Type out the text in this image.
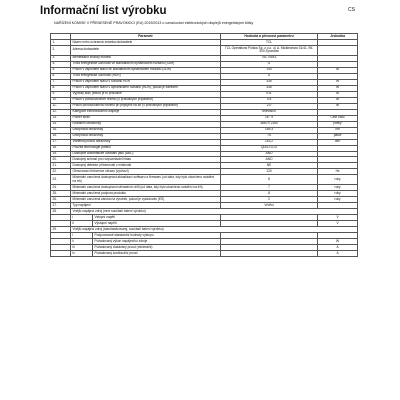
Informační list výrobku	CS
NAŘÍZENÍ KOMISE V PŘENESENÉ PRAVOMOCI (EU) 2019/2013 o označování elektronických displejů energetickými štítky
	Parametr		Hodnota a přesnost parametru	Jednotka
1.	Název nebo ochranná známka dodavatele		TCL	
2.	Adresa dodavatele		TCL Operations Polska Sp. z o.o. ul. A. Mickiewicza 31/41, 96-300 Żyrardów	
3.	Identifikátor značky modelu		75C745X1	
4.	Třída energetické účinnosti ve standardním dynamickém rozsahu (SDR)		G	
5.	Příkon v zapnutém stavu ve standardním dynamickém rozsahu (SDR)		140	W
6.	Třída energetické účinnosti (HDR)		G	
7.	Příkon v zapnutém stavu v rozsahu HDR		335	W
8.	Příkon v zapnutém stavu v dynamickém rozsahu (HDR), pokud je zaveden		335	W
9.	Vypnutý stav, jelikož je to příslušné		n.a.	W
10.	Příkon v pohotovostním režimu (v příslušných případech)		0.5	W
11.	Příkon pohotovostního režimu při připojení na síť (v příslušných případech)		2.0	W
12.	Kategorie elektronického displeje		television	
13.	Poměr stran		16 : 9	Celé číslo
14.	Rozlišení obrazovky		3840 x 2160	pixely
15.	Úhlopříčka obrazovky		189,3	cm
16.	Úhlopříčka obrazovky		75	palce
17.	Viditelná plocha obrazovky		153,2	dm²
18.	Použitá technologie panelů		QLED LCD	
19.	Dostupné automatické ovládání jasu (ABC)		ANO	
20.	Dostupný snímač pro rozpoznávání hlasu		ANO	
21.	Dostupný detektor přítomnosti v místnosti		NE	
22.	Obnovovací frekvence obrazu (výchozí)		120	Hz
23.	Minimální zaručená dostupnost aktualizací softwaru a firmwaru (od data, kdy bylo ukončeno uvádění na trh)		8	roky
24.	Minimální zaručená dostupnost náhradních dílů (od data, kdy bylo ukončeno uvádění na trh)		7	roky
25.	Minimální zaručená podpora produktu		8	roky
26.	Minimální zaručená záruka na výrobek, pokud je vyžadován (ES)		2	roky
27.	Typ napájení		Vnitřní	
28.	Vnější napájecí zdroj (není součástí balení výrobku)			
	i	Vstupní napětí		V
	ii	Výstupní napětí		V
29.	Vnější napájecí zdroj (standardizovaný, součástí balení výrobku)			
	i	Podporované standardní hodnoty výstupu		
	ii	Požadovaný výkon napájecího zdroje		W
	iii	Požadovaný dodávaný proud (minimální)		A
	iv	Požadovaný kontinuální proud		A
